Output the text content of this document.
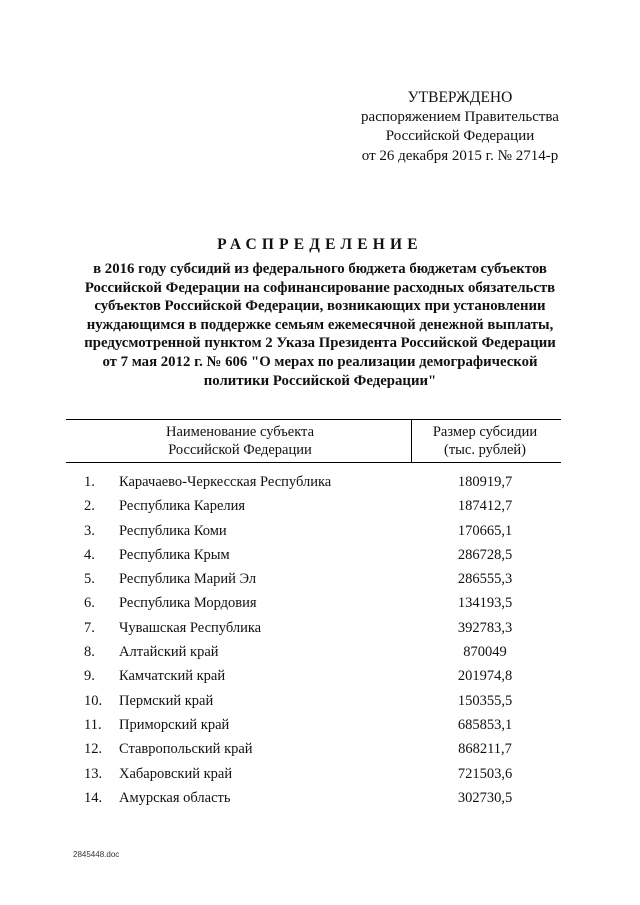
УТВЕРЖДЕНО
распоряжением Правительства
Российской Федерации
от 26 декабря 2015 г. № 2714-р
РАСПРЕДЕЛЕНИЕ
в 2016 году субсидий из федерального бюджета бюджетам субъектов
Российской Федерации на софинансирование расходных обязательств
субъектов Российской Федерации, возникающих при установлении
нуждающимся в поддержке семьям ежемесячной денежной выплаты,
предусмотренной пунктом 2 Указа Президента Российской Федерации
от 7 мая 2012 г. № 606 "О мерах по реализации демографической
политики Российской Федерации"
Наименование субъекта
Российской Федерации
Размер субсидии
(тыс. рублей)
1. Карачаево-Черкесская Республика	180919,7
2. Республика Карелия	187412,7
3. Республика Коми	170665,1
4. Республика Крым	286728,5
5. Республика Марий Эл	286555,3
6. Республика Мордовия	134193,5
7. Чувашская Республика	392783,3
8. Алтайский край	870049
9. Камчатский край	201974,8
10. Пермский край	150355,5
11. Приморский край	685853,1
12. Ставропольский край	868211,7
13. Хабаровский край	721503,6
14. Амурская область	302730,5
2845448.doc
